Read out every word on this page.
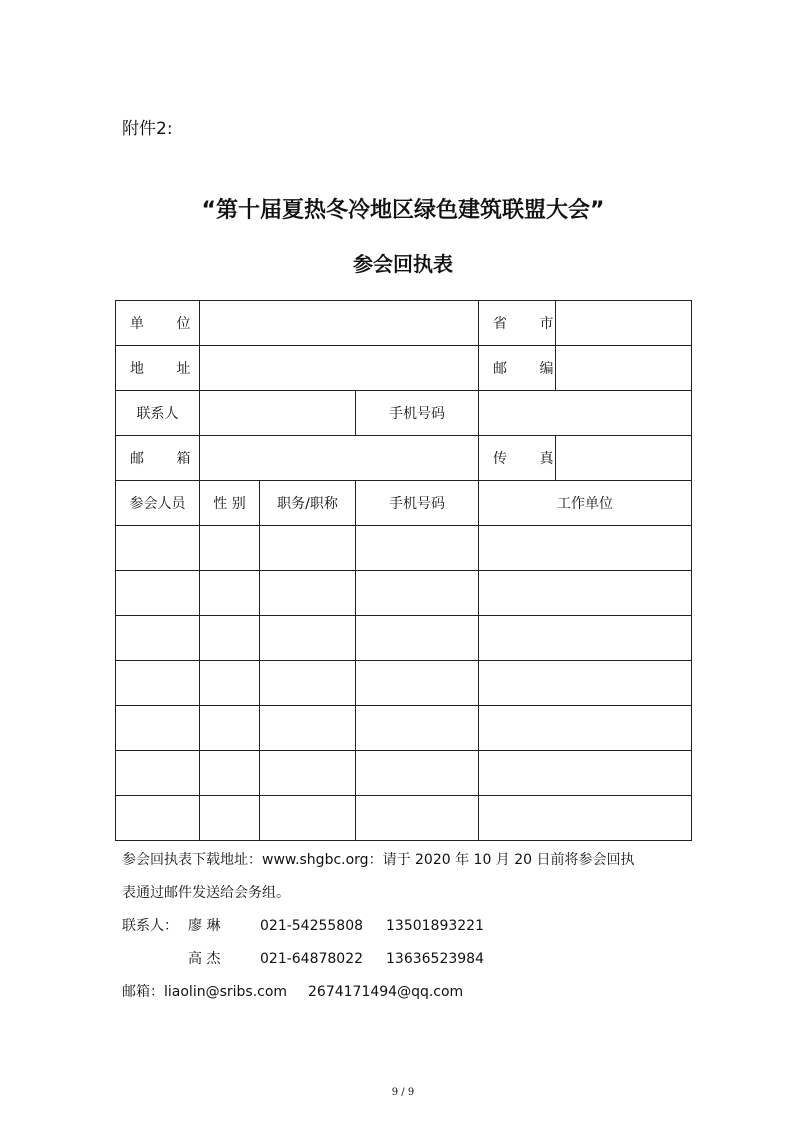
附件2:
“第十届夏热冬冷地区绿色建筑联盟大会”
参会回执表
单 位				省 市	
地 址				邮 编	
联系人			手机号码		
邮 箱				传 真	
参会人员	性 别	职务/职称	手机号码	工作单位	

参会回执表下载地址：www.shgbc.org：请于 2020 年 10 月 20 日前将参会回执
表通过邮件发送给会务组。
联系人： 廖 琳	021-54255808 13501893221
高 杰	021-64878022 13636523984
邮箱：liaolin@sribs.com 2674171494@qq.com
9 / 9
